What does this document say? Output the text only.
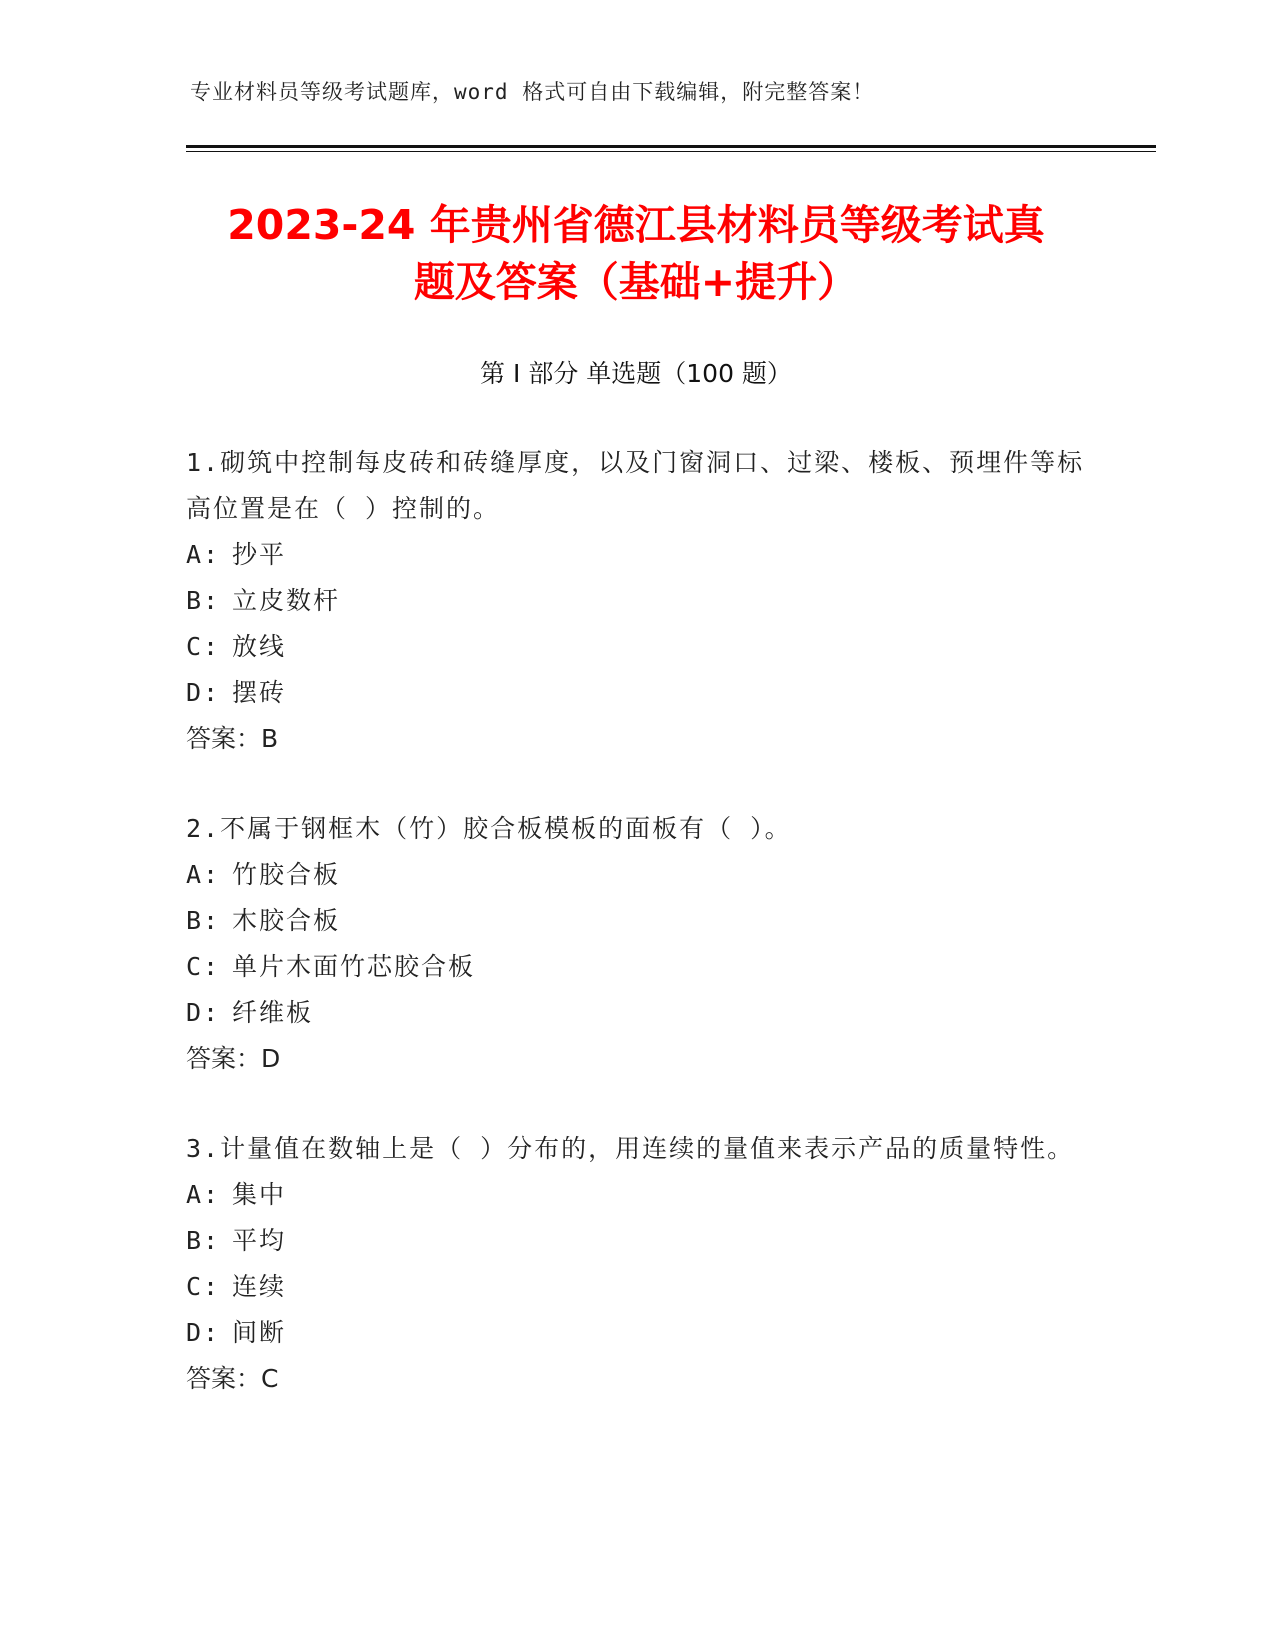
专业材料员等级考试题库，word 格式可自由下载编辑，附完整答案！
2023-24 年贵州省德江县材料员等级考试真
题及答案（基础+提升）
第 I 部分 单选题（100 题）
1.砌筑中控制每皮砖和砖缝厚度，以及门窗洞口、过梁、楼板、预埋件等标高位置是在（ ）控制的。
A: 抄平
B: 立皮数杆
C: 放线
D: 摆砖
答案：B
2.不属于钢框木（竹）胶合板模板的面板有（ ）。
A: 竹胶合板
B: 木胶合板
C: 单片木面竹芯胶合板
D: 纤维板
答案：D
3.计量值在数轴上是（ ）分布的，用连续的量值来表示产品的质量特性。
A: 集中
B: 平均
C: 连续
D: 间断
答案：C
